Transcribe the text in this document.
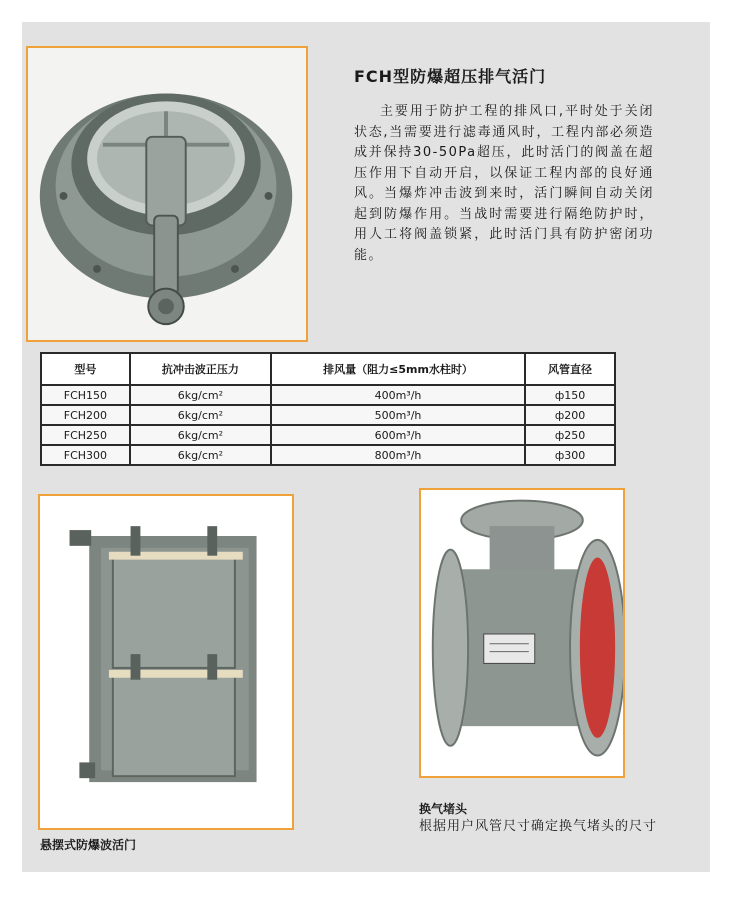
FCH型防爆超压排气活门
主要用于防护工程的排风口,平时处于关闭状态,当需要进行滤毒通风时，工程内部必须造成并保持30-50Pa超压，此时活门的阀盖在超压作用下自动开启，以保证工程内部的良好通风。当爆炸冲击波到来时，活门瞬间自动关闭起到防爆作用。当战时需要进行隔绝防护时，用人工将阀盖锁紧，此时活门具有防护密闭功能。
型号	抗冲击波正压力	排风量（阻力≤5mm水柱时）	风管直径
FCH150	6kg/cm²	400m³/h	ф150
FCH200	6kg/cm²	500m³/h	ф200
FCH250	6kg/cm²	600m³/h	ф250
FCH300	6kg/cm²	800m³/h	ф300
悬摆式防爆波活门
换气堵头
根据用户风管尺寸确定换气堵头的尺寸
